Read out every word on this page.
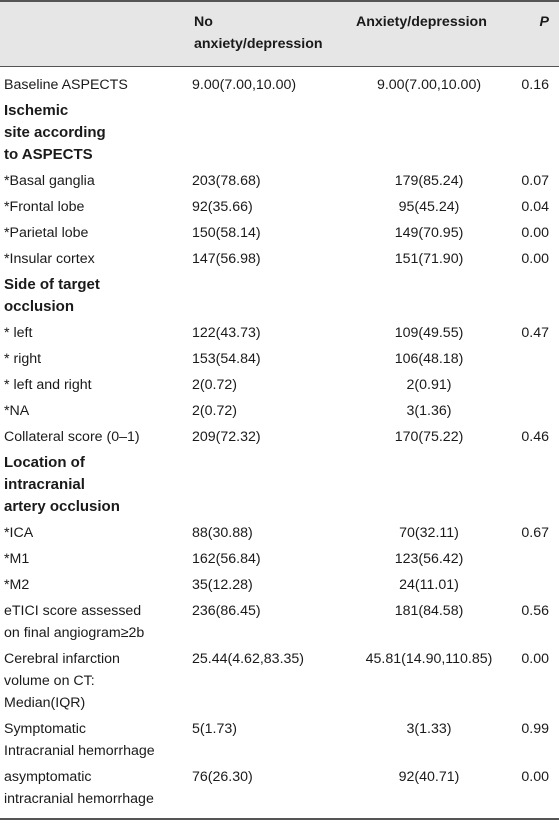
	No
anxiety/depression	Anxiety/depression	P
Baseline ASPECTS	9.00(7.00,10.00)	9.00(7.00,10.00)	0.16
Ischemic
site according
to ASPECTS			
*Basal ganglia	203(78.68)	179(85.24)	0.07
*Frontal lobe	92(35.66)	95(45.24)	0.04
*Parietal lobe	150(58.14)	149(70.95)	0.00
*Insular cortex	147(56.98)	151(71.90)	0.00
Side of target
occlusion			
* left	122(43.73)	109(49.55)	0.47
* right	153(54.84)	106(48.18)	
* left and right	2(0.72)	2(0.91)	
*NA	2(0.72)	3(1.36)	
Collateral score (0–1)	209(72.32)	170(75.22)	0.46
Location of
intracranial
artery occlusion			
*ICA	88(30.88)	70(32.11)	0.67
*M1	162(56.84)	123(56.42)	
*M2	35(12.28)	24(11.01)	
eTICI score assessed
on final angiogram≥2b	236(86.45)	181(84.58)	0.56
Cerebral infarction
volume on CT:
Median(IQR)	25.44(4.62,83.35)	45.81(14.90,110.85)	0.00
Symptomatic
Intracranial hemorrhage	5(1.73)	3(1.33)	0.99
asymptomatic
intracranial hemorrhage	76(26.30)	92(40.71)	0.00
